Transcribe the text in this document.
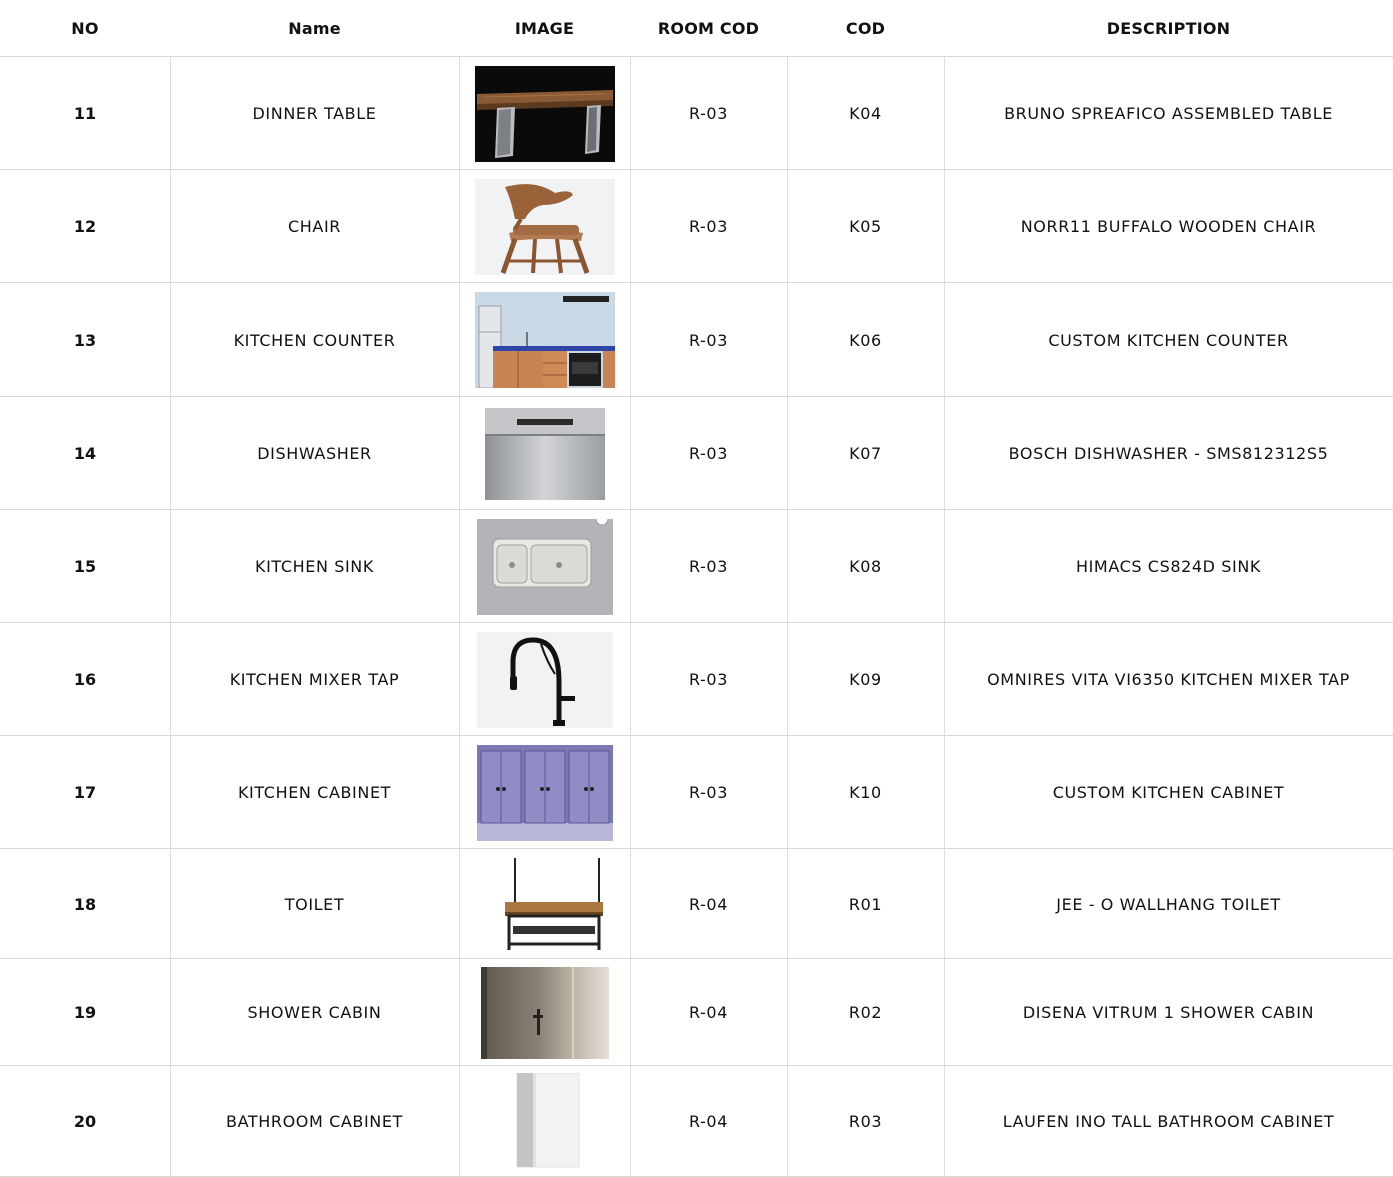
NO	Name	IMAGE	ROOM COD	COD	DESCRIPTION
11	DINNER TABLE	R-03	K04	BRUNO SPREAFICO ASSEMBLED TABLE
12	CHAIR	R-03	K05	NORR11 BUFFALO WOODEN CHAIR
13	KITCHEN COUNTER	R-03	K06	CUSTOM KITCHEN COUNTER
14	DISHWASHER	R-03	K07	BOSCH DISHWASHER - SMS812312S5
15	KITCHEN SINK	R-03	K08	HIMACS CS824D SINK
16	KITCHEN MIXER TAP	R-03	K09	OMNIRES VITA VI6350 KITCHEN MIXER TAP
17	KITCHEN CABINET	R-03	K10	CUSTOM KITCHEN CABINET
18	TOILET	R-04	R01	JEE - O WALLHANG TOILET
19	SHOWER CABIN	R-04	R02	DISENA VITRUM 1 SHOWER CABIN
20	BATHROOM CABINET	R-04	R03	LAUFEN INO TALL BATHROOM CABINET
